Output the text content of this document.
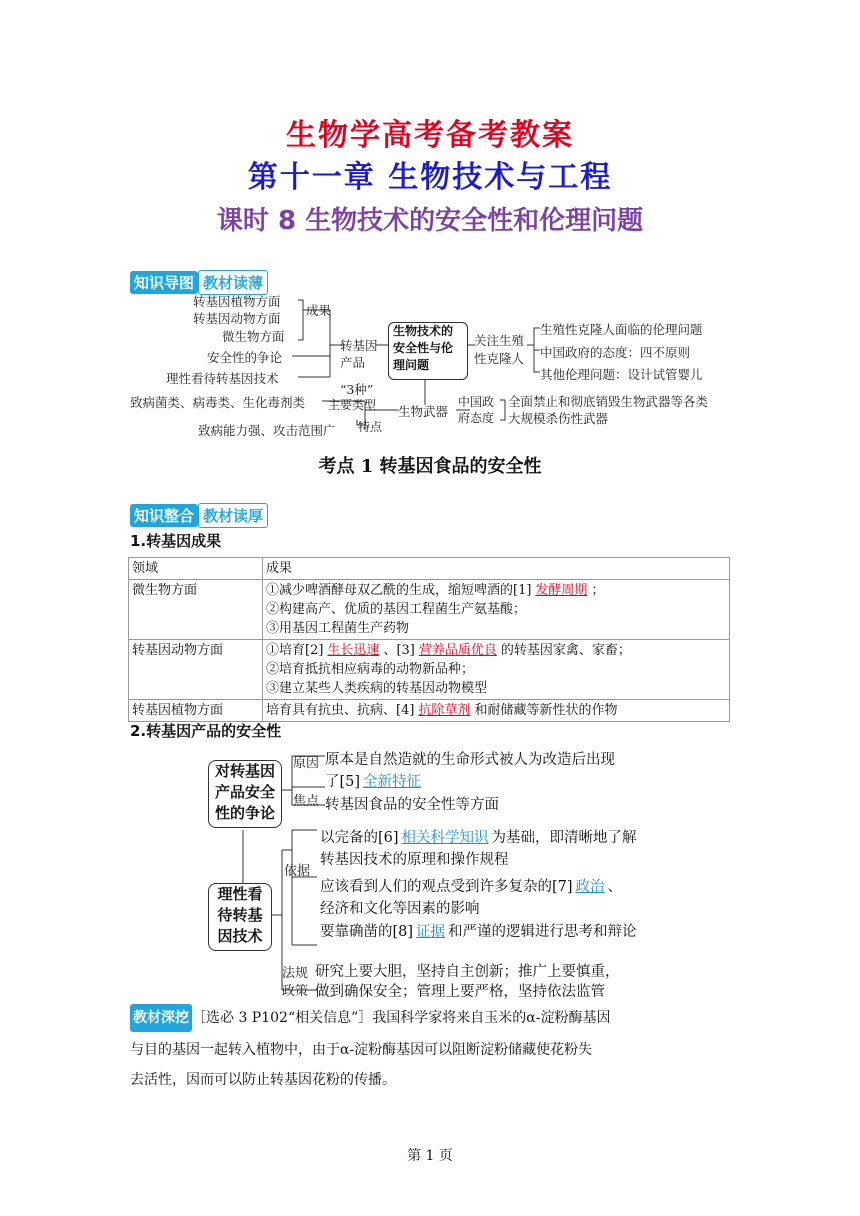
生物学高考备考教案
第十一章 生物技术与工程
课时 8 生物技术的安全性和伦理问题
知识导图 教材读薄
转基因植物方面
转基因动物方面
微生物方面
成果
安全性的争论
理性看待转基因技术
转基因
产品
生物技术的
安全性与伦
理问题
关注生殖
性克隆人
生殖性克隆人面临的伦理问题
中国政府的态度：四不原则
其他伦理问题：设计试管婴儿
“3种”
主要类型
致病菌类、病毒类、生化毒剂类
生物武器
中国政
府态度
全面禁止和彻底销毁生物武器等各类
大规模杀伤性武器
致病能力强、攻击范围广 特点
考点 1 转基因食品的安全性
知识整合 教材读厚
1.转基因成果
领域	成果
微生物方面	①减少啤酒酵母双乙酰的生成，缩短啤酒的[1] 发酵周期 ；
②构建高产、优质的基因工程菌生产氨基酸；
③用基因工程菌生产药物

转基因动物方面	①培育[2] 生长迅速 、[3] 营养品质优良 的转基因家禽、家畜；
②培育抵抗相应病毒的动物新品种；
③建立某些人类疾病的转基因动物模型

转基因植物方面	培育具有抗虫、抗病、[4] 抗除草剂 和耐储藏等新性状的作物
2.转基因产品的安全性
对转基因
产品安全
性的争论
原因 原本是自然造就的生命形式被人为改造后出现
了[5] 全新特征
焦点 转基因食品的安全性等方面
理性看
待转基
因技术
依据
以完备的[6] 相关科学知识 为基础，即清晰地了解
转基因技术的原理和操作规程
应该看到人们的观点受到许多复杂的[7] 政治 、
经济和文化等因素的影响
要靠确凿的[8] 证据 和严谨的逻辑进行思考和辩论
法规
政策
研究上要大胆，坚持自主创新；推广上要慎重，
做到确保安全；管理上要严格，坚持依法监管
教材深挖 ［选必 3 P102“相关信息”］我国科学家将来自玉米的α-淀粉酶基因
与目的基因一起转入植物中，由于α-淀粉酶基因可以阻断淀粉储藏使花粉失
去活性，因而可以防止转基因花粉的传播。
第 1 页
